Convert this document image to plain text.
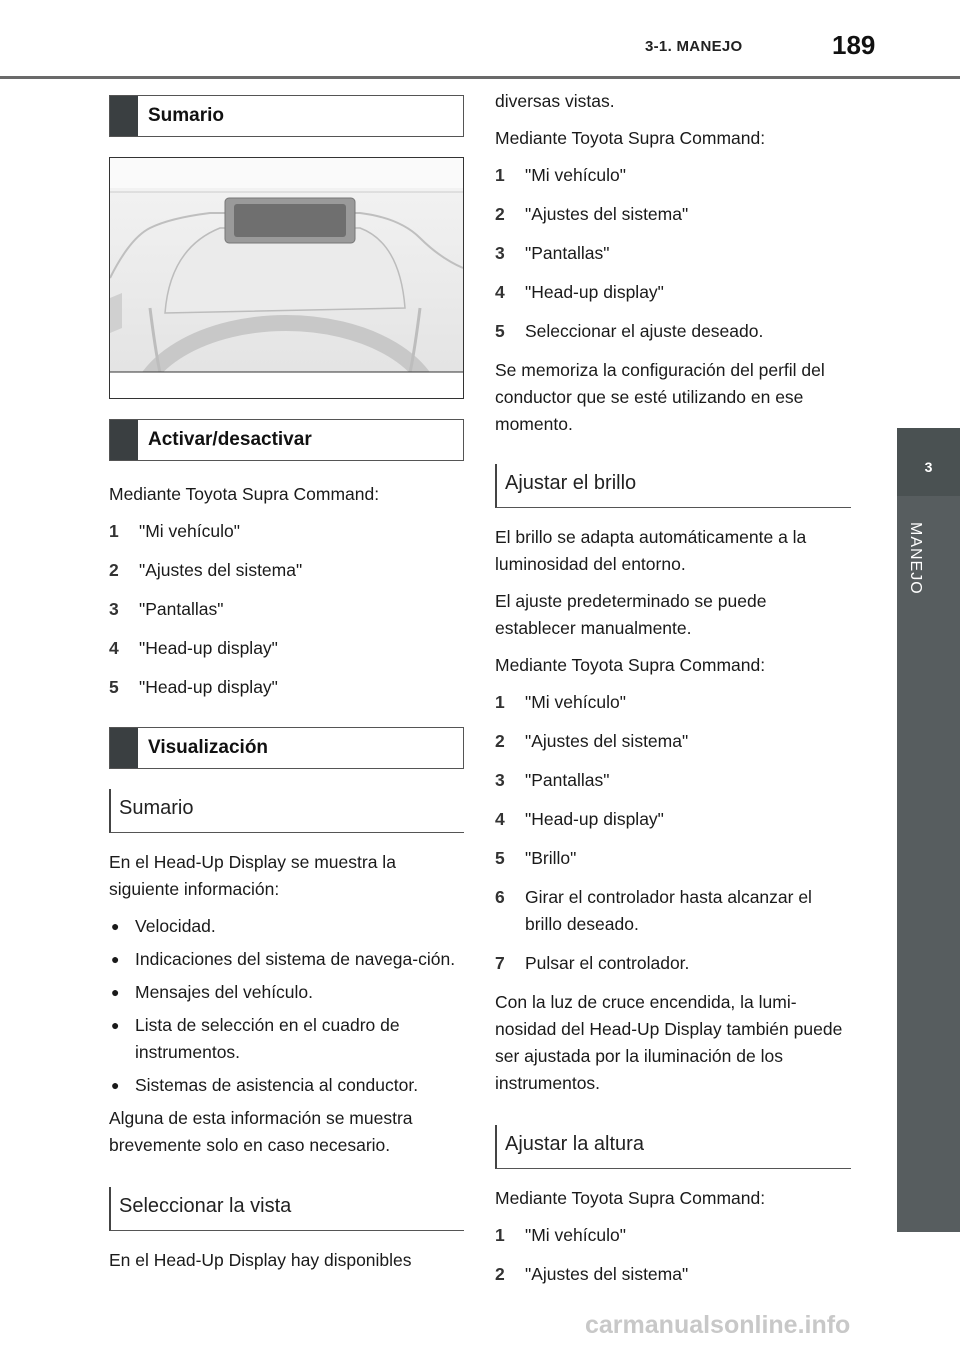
3-1. MANEJO	189
3
MANEJO
Sumario
Activar/desactivar
Mediante Toyota Supra Command:
1	"Mi vehículo"
2	"Ajustes del sistema"
3	"Pantallas"
4	"Head-up display"
5	"Head-up display"
Visualización
Sumario
En el Head-Up Display se muestra la siguiente información:
● Velocidad.
● Indicaciones del sistema de navega-ción.
● Mensajes del vehículo.
● Lista de selección en el cuadro de instrumentos.
● Sistemas de asistencia al conductor.
Alguna de esta información se muestra brevemente solo en caso necesario.
Seleccionar la vista
En el Head-Up Display hay disponibles
diversas vistas.
Mediante Toyota Supra Command:
1	"Mi vehículo"
2	"Ajustes del sistema"
3	"Pantallas"
4	"Head-up display"
5	Seleccionar el ajuste deseado.
Se memoriza la configuración del perfil del conductor que se esté utilizando en ese momento.
Ajustar el brillo
El brillo se adapta automáticamente a la luminosidad del entorno.
El ajuste predeterminado se puede establecer manualmente.
Mediante Toyota Supra Command:
1	"Mi vehículo"
2	"Ajustes del sistema"
3	"Pantallas"
4	"Head-up display"
5	"Brillo"
6	Girar el controlador hasta alcanzar el brillo deseado.
7	Pulsar el controlador.
Con la luz de cruce encendida, la lumi-nosidad del Head-Up Display también puede ser ajustada por la iluminación de los instrumentos.
Ajustar la altura
Mediante Toyota Supra Command:
1	"Mi vehículo"
2	"Ajustes del sistema"
carmanualsonline.info
